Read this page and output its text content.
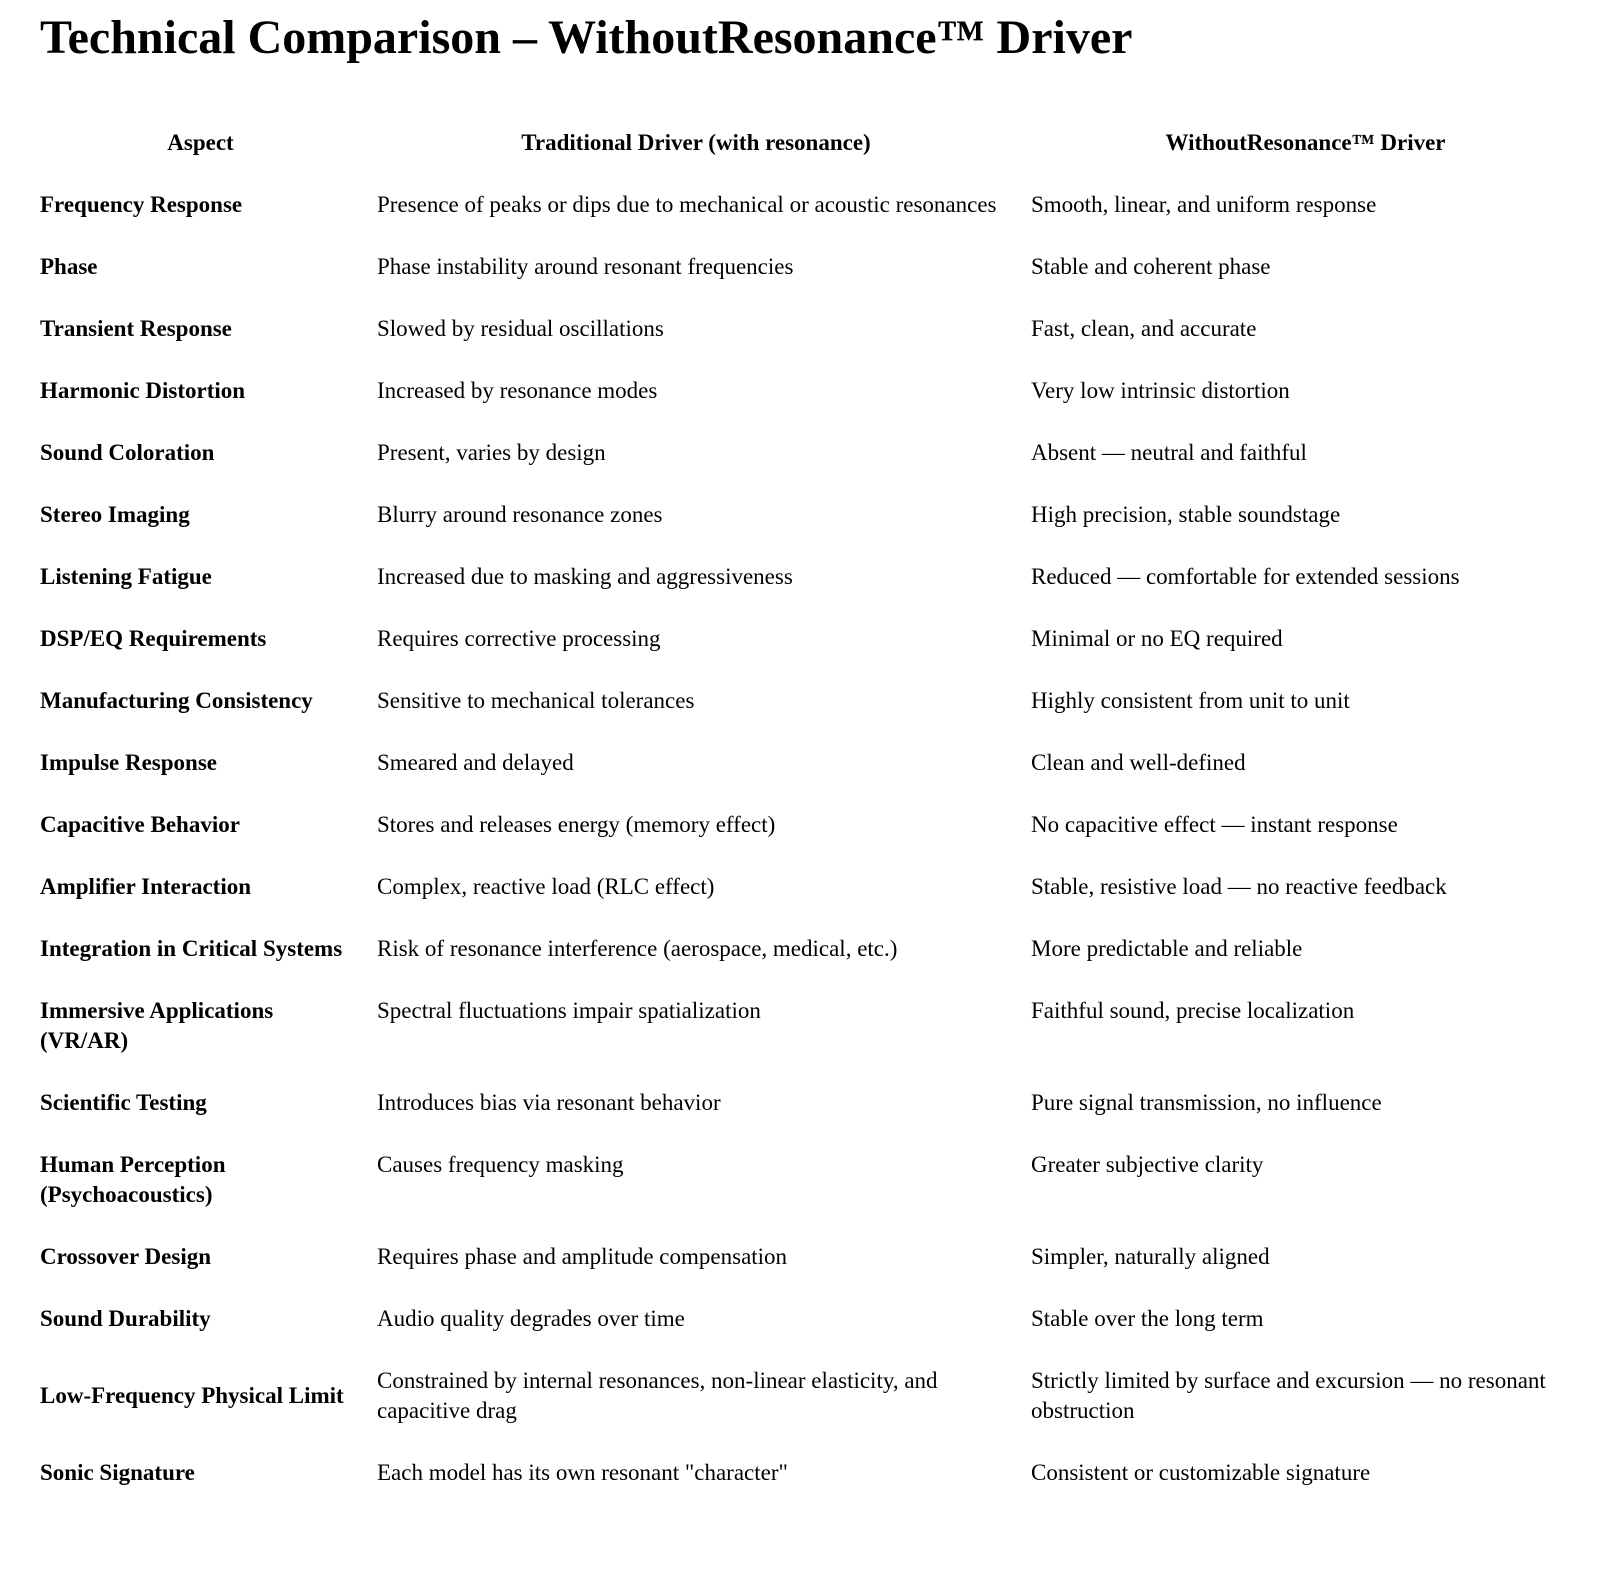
Technical Comparison – WithoutResonance™ Driver
Aspect	Traditional Driver (with resonance)	WithoutResonance™ Driver
Frequency Response	Presence of peaks or dips due to mechanical or acoustic resonances	Smooth, linear, and uniform response
Phase	Phase instability around resonant frequencies	Stable and coherent phase
Transient Response	Slowed by residual oscillations	Fast, clean, and accurate
Harmonic Distortion	Increased by resonance modes	Very low intrinsic distortion
Sound Coloration	Present, varies by design	Absent — neutral and faithful
Stereo Imaging	Blurry around resonance zones	High precision, stable soundstage
Listening Fatigue	Increased due to masking and aggressiveness	Reduced — comfortable for extended sessions
DSP/EQ Requirements	Requires corrective processing	Minimal or no EQ required
Manufacturing Consistency	Sensitive to mechanical tolerances	Highly consistent from unit to unit
Impulse Response	Smeared and delayed	Clean and well-defined
Capacitive Behavior	Stores and releases energy (memory effect)	No capacitive effect — instant response
Amplifier Interaction	Complex, reactive load (RLC effect)	Stable, resistive load — no reactive feedback
Integration in Critical Systems	Risk of resonance interference (aerospace, medical, etc.)	More predictable and reliable
Immersive Applications (VR/AR)	Spectral fluctuations impair spatialization	Faithful sound, precise localization
Scientific Testing	Introduces bias via resonant behavior	Pure signal transmission, no influence
Human Perception (Psychoacoustics)	Causes frequency masking	Greater subjective clarity
Crossover Design	Requires phase and amplitude compensation	Simpler, naturally aligned
Sound Durability	Audio quality degrades over time	Stable over the long term
Low-Frequency Physical Limit	Constrained by internal resonances, non-linear elasticity, and capacitive drag	Strictly limited by surface and excursion — no resonant obstruction
Sonic Signature	Each model has its own resonant "character"	Consistent or customizable signature
